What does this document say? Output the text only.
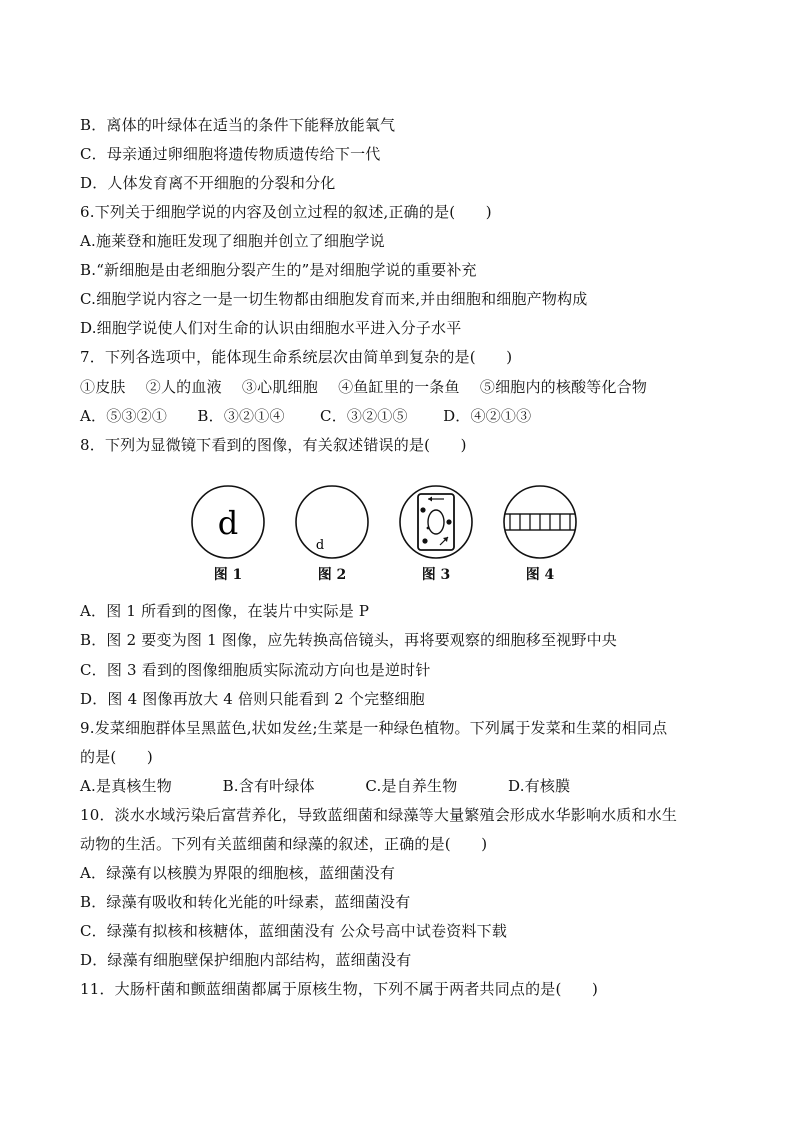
B．离体的叶绿体在适当的条件下能释放能氧气
C．母亲通过卵细胞将遗传物质遗传给下一代
D．人体发育离不开细胞的分裂和分化
6.下列关于细胞学说的内容及创立过程的叙述,正确的是(　　)
A.施莱登和施旺发现了细胞并创立了细胞学说
B.“新细胞是由老细胞分裂产生的”是对细胞学说的重要补充
C.细胞学说内容之一是一切生物都由细胞发育而来,并由细胞和细胞产物构成
D.细胞学说使人们对生命的认识由细胞水平进入分子水平
7．下列各选项中，能体现生命系统层次由简单到复杂的是(　　)
①皮肤　 ②人的血液　 ③心肌细胞　 ④鱼缸里的一条鱼　 ⑤细胞内的核酸等化合物
A．⑤③②①　　B．③②①④　　 C．③②①⑤　　 D．④②①③
8．下列为显微镜下看到的图像，有关叙述错误的是(　　)
d
图 1
d
图 2	图 3	图 4
A．图 1 所看到的图像，在装片中实际是 P
B．图 2 要变为图 1 图像，应先转换高倍镜头，再将要观察的细胞移至视野中央
C．图 3 看到的图像细胞质实际流动方向也是逆时针
D．图 4 图像再放大 4 倍则只能看到 2 个完整细胞
9.发菜细胞群体呈黑蓝色,状如发丝;生菜是一种绿色植物。下列属于发菜和生菜的相同点
的是(　　)
A.是真核生物　　　 B.含有叶绿体　　　 C.是自养生物　　　 D.有核膜
10．淡水水域污染后富营养化，导致蓝细菌和绿藻等大量繁殖会形成水华影响水质和水生
动物的生活。下列有关蓝细菌和绿藻的叙述，正确的是(　　)
A．绿藻有以核膜为界限的细胞核，蓝细菌没有
B．绿藻有吸收和转化光能的叶绿素，蓝细菌没有
C．绿藻有拟核和核糖体，蓝细菌没有 公众号高中试卷资料下载
D．绿藻有细胞壁保护细胞内部结构，蓝细菌没有
11．大肠杆菌和颤蓝细菌都属于原核生物，下列不属于两者共同点的是(　　)
